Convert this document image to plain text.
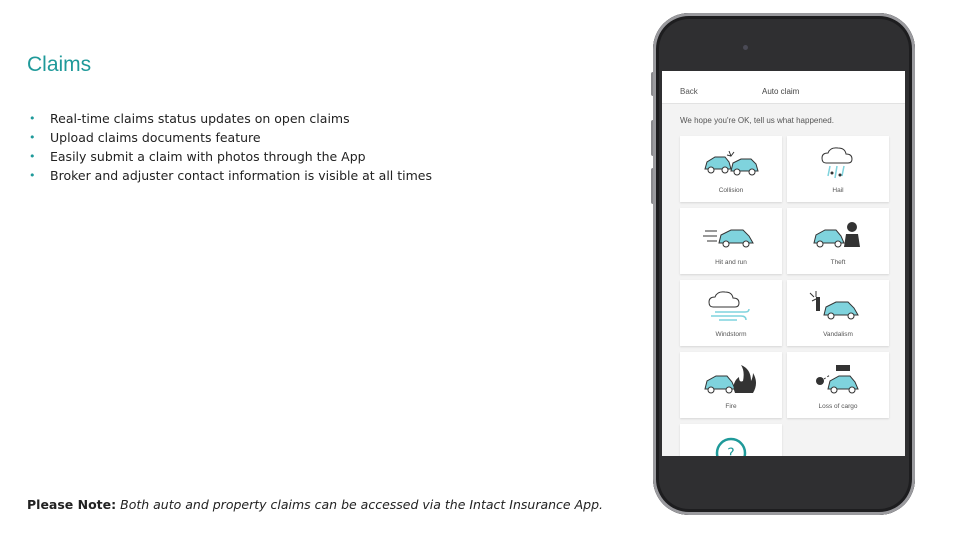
Claims
• Real-time claims status updates on open claims
• Upload claims documents feature
• Easily submit a claim with photos through the App
• Broker and adjuster contact information is visible at all times
Please Note: Both auto and property claims can be accessed via the Intact Insurance App.
Back	Auto claim
We hope you're OK, tell us what happened.
Collision	Hail
Hit and run	Theft
Windstorm	Vandalism
Fire	Loss of cargo
?
